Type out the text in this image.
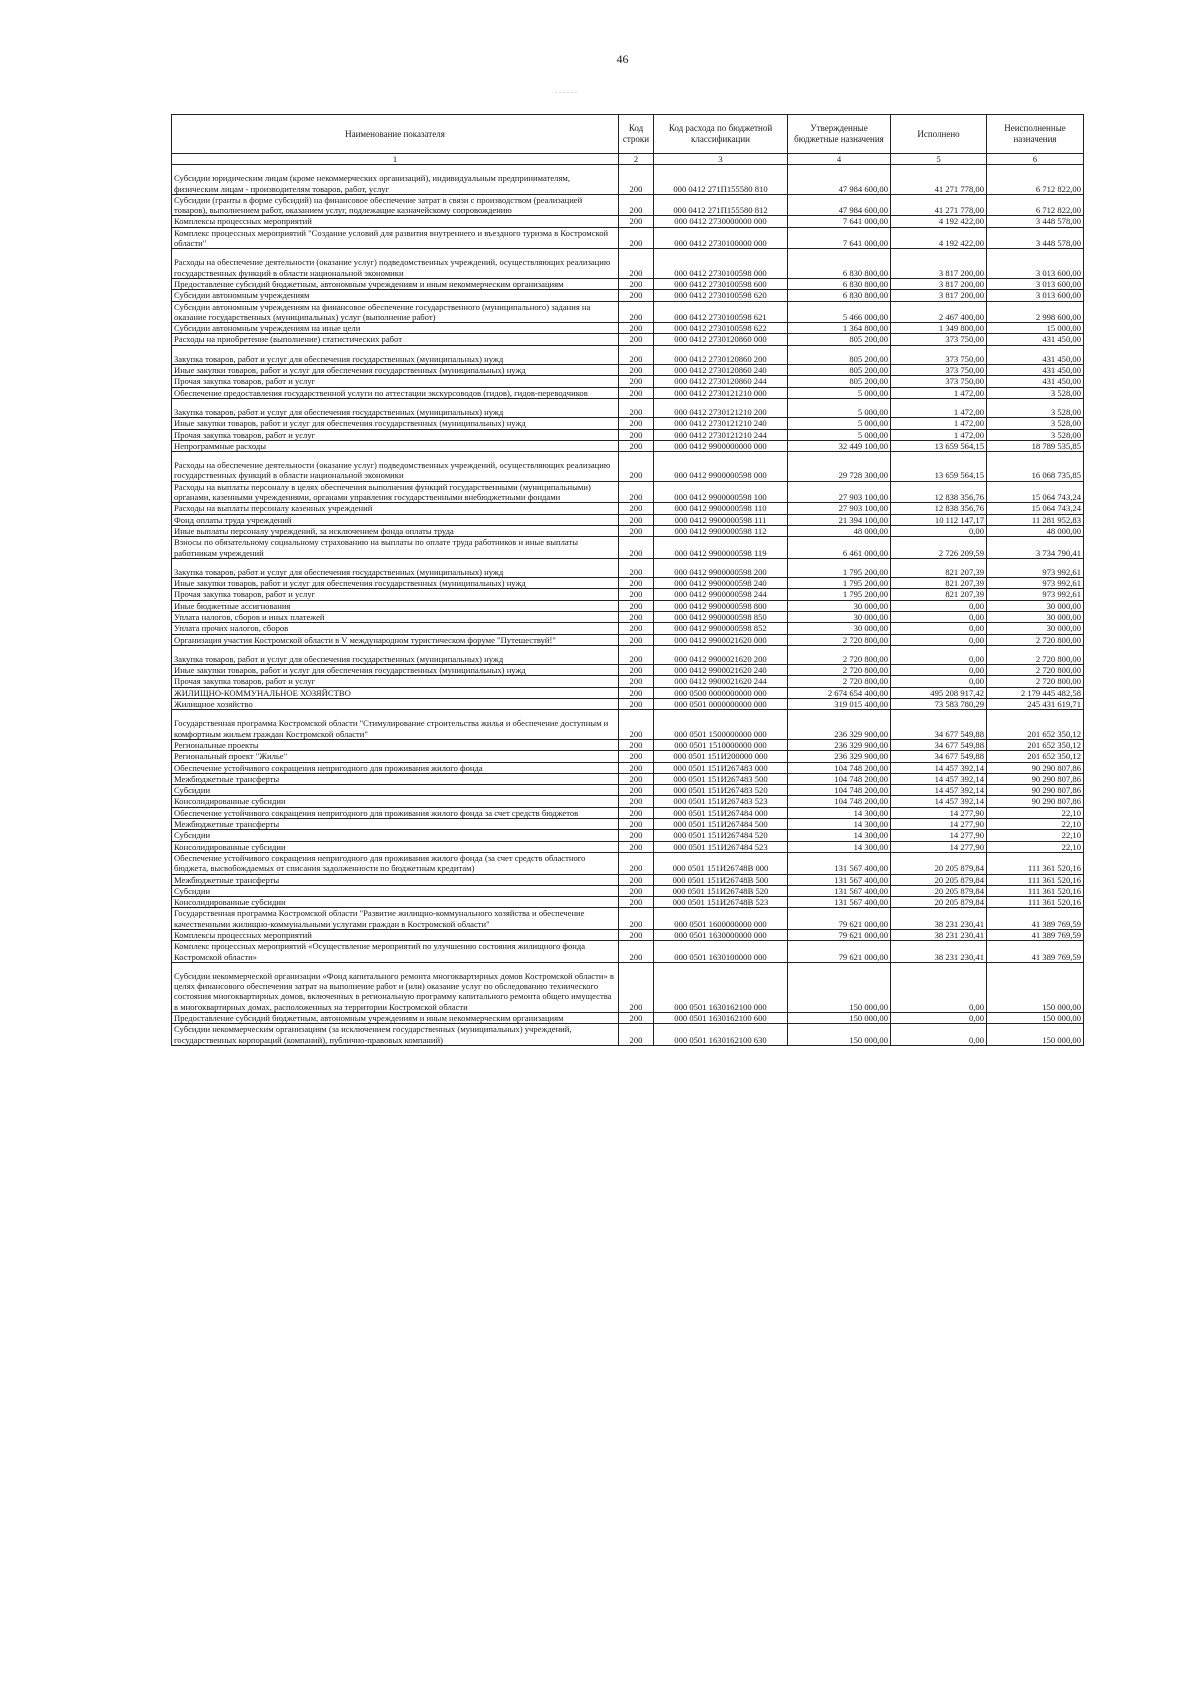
46
. . . . . .
Наименование показателя	Код строки	Код расхода по бюджетной классификации	Утвержденные бюджетные назначения	Исполнено	Неисполненные назначения
1	2	3	4	5	6
Субсидии юридическим лицам (кроме некоммерческих организаций), индивидуальным предпринимателям, физическим лицам - производителям товаров, работ, услуг	200	000 0412 271П155580 810	47 984 600,00	41 271 778,00	6 712 822,00
Субсидии (гранты в форме субсидий) на финансовое обеспечение затрат в связи с производством (реализацией товаров), выполнением работ, оказанием услуг, подлежащие казначейскому сопровождению	200	000 0412 271П155580 812	47 984 600,00	41 271 778,00	6 712 822,00
Комплексы процессных мероприятий	200	000 0412 2730000000 000	7 641 000,00	4 192 422,00	3 448 578,00
Комплекс процессных мероприятий "Создание условий для развития внутреннего и въездного туризма в Костромской области"	200	000 0412 2730100000 000	7 641 000,00	4 192 422,00	3 448 578,00
Расходы на обеспечение деятельности (оказание услуг) подведомственных учреждений, осуществляющих реализацию государственных функций в области национальной экономики	200	000 0412 2730100598 000	6 830 800,00	3 817 200,00	3 013 600,00
Предоставление субсидий бюджетным, автономным учреждениям и иным некоммерческим организациям	200	000 0412 2730100598 600	6 830 800,00	3 817 200,00	3 013 600,00
Субсидии автономным учреждениям	200	000 0412 2730100598 620	6 830 800,00	3 817 200,00	3 013 600,00
Субсидии автономным учреждениям на финансовое обеспечение государственного (муниципального) задания на оказание государственных (муниципальных) услуг (выполнение работ)	200	000 0412 2730100598 621	5 466 000,00	2 467 400,00	2 998 600,00
Субсидии автономным учреждениям на иные цели	200	000 0412 2730100598 622	1 364 800,00	1 349 800,00	15 000,00
Расходы на приобретение (выполнение) статистических работ	200	000 0412 2730120860 000	805 200,00	373 750,00	431 450,00
Закупка товаров, работ и услуг для обеспечения государственных (муниципальных) нужд	200	000 0412 2730120860 200	805 200,00	373 750,00	431 450,00
Иные закупки товаров, работ и услуг для обеспечения государственных (муниципальных) нужд	200	000 0412 2730120860 240	805 200,00	373 750,00	431 450,00
Прочая закупка товаров, работ и услуг	200	000 0412 2730120860 244	805 200,00	373 750,00	431 450,00
Обеспечение предоставления государственной услуги по аттестации экскурсоводов (гидов), гидов-переводчиков	200	000 0412 2730121210 000	5 000,00	1 472,00	3 528,00
Закупка товаров, работ и услуг для обеспечения государственных (муниципальных) нужд	200	000 0412 2730121210 200	5 000,00	1 472,00	3 528,00
Иные закупки товаров, работ и услуг для обеспечения государственных (муниципальных) нужд	200	000 0412 2730121210 240	5 000,00	1 472,00	3 528,00
Прочая закупка товаров, работ и услуг	200	000 0412 2730121210 244	5 000,00	1 472,00	3 528,00
Непрограммные расходы	200	000 0412 9900000000 000	32 449 100,00	13 659 564,15	18 789 535,85
Расходы на обеспечение деятельности (оказание услуг) подведомственных учреждений, осуществляющих реализацию государственных функций в области национальной экономики	200	000 0412 9900000598 000	29 728 300,00	13 659 564,15	16 068 735,85
Расходы на выплаты персоналу в целях обеспечения выполнения функций государственными (муниципальными) органами, казенными учреждениями, органами управления государственными внебюджетными фондами	200	000 0412 9900000598 100	27 903 100,00	12 838 356,76	15 064 743,24
Расходы на выплаты персоналу казенных учреждений	200	000 0412 9900000598 110	27 903 100,00	12 838 356,76	15 064 743,24
Фонд оплаты труда учреждений	200	000 0412 9900000598 111	21 394 100,00	10 112 147,17	11 281 952,83
Иные выплаты персоналу учреждений, за исключением фонда оплаты труда	200	000 0412 9900000598 112	48 000,00	0,00	48 000,00
Взносы по обязательному социальному страхованию на выплаты по оплате труда работников и иные выплаты работникам учреждений	200	000 0412 9900000598 119	6 461 000,00	2 726 209,59	3 734 790,41
Закупка товаров, работ и услуг для обеспечения государственных (муниципальных) нужд	200	000 0412 9900000598 200	1 795 200,00	821 207,39	973 992,61
Иные закупки товаров, работ и услуг для обеспечения государственных (муниципальных) нужд	200	000 0412 9900000598 240	1 795 200,00	821 207,39	973 992,61
Прочая закупка товаров, работ и услуг	200	000 0412 9900000598 244	1 795 200,00	821 207,39	973 992,61
Иные бюджетные ассигнования	200	000 0412 9900000598 800	30 000,00	0,00	30 000,00
Уплата налогов, сборов и иных платежей	200	000 0412 9900000598 850	30 000,00	0,00	30 000,00
Уплата прочих налогов, сборов	200	000 0412 9900000598 852	30 000,00	0,00	30 000,00
Организация участия Костромской области в V международном туристическом форуме "Путешествуй!"	200	000 0412 9900021620 000	2 720 800,00	0,00	2 720 800,00
Закупка товаров, работ и услуг для обеспечения государственных (муниципальных) нужд	200	000 0412 9900021620 200	2 720 800,00	0,00	2 720 800,00
Иные закупки товаров, работ и услуг для обеспечения государственных (муниципальных) нужд	200	000 0412 9900021620 240	2 720 800,00	0,00	2 720 800,00
Прочая закупка товаров, работ и услуг	200	000 0412 9900021620 244	2 720 800,00	0,00	2 720 800,00
ЖИЛИЩНО-КОММУНАЛЬНОЕ ХОЗЯЙСТВО	200	000 0500 0000000000 000	2 674 654 400,00	495 208 917,42	2 179 445 482,58
Жилищное хозяйство	200	000 0501 0000000000 000	319 015 400,00	73 583 780,29	245 431 619,71
Государственная программа Костромской области "Стимулирование строительства жилья и обеспечение доступным и комфортным жильем граждан Костромской области"	200	000 0501 1500000000 000	236 329 900,00	34 677 549,88	201 652 350,12
Региональные проекты	200	000 0501 1510000000 000	236 329 900,00	34 677 549,88	201 652 350,12
Региональный проект "Жилье"	200	000 0501 151И200000 000	236 329 900,00	34 677 549,88	201 652 350,12
Обеспечение устойчивого сокращения непригодного для проживания жилого фонда	200	000 0501 151И267483 000	104 748 200,00	14 457 392,14	90 290 807,86
Межбюджетные трансферты	200	000 0501 151И267483 500	104 748 200,00	14 457 392,14	90 290 807,86
Субсидии	200	000 0501 151И267483 520	104 748 200,00	14 457 392,14	90 290 807,86
Консолидированные субсидии	200	000 0501 151И267483 523	104 748 200,00	14 457 392,14	90 290 807,86
Обеспечение устойчивого сокращения непригодного для проживания жилого фонда за счет средств бюджетов	200	000 0501 151И267484 000	14 300,00	14 277,90	22,10
Межбюджетные трансферты	200	000 0501 151И267484 500	14 300,00	14 277,90	22,10
Субсидии	200	000 0501 151И267484 520	14 300,00	14 277,90	22,10
Консолидированные субсидии	200	000 0501 151И267484 523	14 300,00	14 277,90	22,10
Обеспечение устойчивого сокращения непригодного для проживания жилого фонда (за счет средств областного бюджета, высвобождаемых от списания задолженности по бюджетным кредитам)	200	000 0501 151И26748В 000	131 567 400,00	20 205 879,84	111 361 520,16
Межбюджетные трансферты	200	000 0501 151И26748В 500	131 567 400,00	20 205 879,84	111 361 520,16
Субсидии	200	000 0501 151И26748В 520	131 567 400,00	20 205 879,84	111 361 520,16
Консолидированные субсидии	200	000 0501 151И26748В 523	131 567 400,00	20 205 879,84	111 361 520,16
Государственная программа Костромской области "Развитие жилищно-коммунального хозяйства и обеспечение качественными жилищно-коммунальными услугами граждан в Костромской области"	200	000 0501 1600000000 000	79 621 000,00	38 231 230,41	41 389 769,59
Комплексы процессных мероприятий	200	000 0501 1630000000 000	79 621 000,00	38 231 230,41	41 389 769,59
Комплекс процессных мероприятий «Осуществление мероприятий по улучшению состояния жилищного фонда Костромской области»	200	000 0501 1630100000 000	79 621 000,00	38 231 230,41	41 389 769,59
Субсидии некоммерческой организации «Фонд капитального ремонта многоквартирных домов Костромской области» в целях финансового обеспечения затрат на выполнение работ и (или) оказание услуг по обследованию технического состояния многоквартирных домов, включенных в региональную программу капитального ремонта общего имущества в многоквартирных домах, расположенных на территории Костромской области	200	000 0501 1630162100 000	150 000,00	0,00	150 000,00
Предоставление субсидий бюджетным, автономным учреждениям и иным некоммерческим организациям	200	000 0501 1630162100 600	150 000,00	0,00	150 000,00
Субсидии некоммерческим организациям (за исключением государственных (муниципальных) учреждений, государственных корпораций (компаний), публично-правовых компаний)	200	000 0501 1630162100 630	150 000,00	0,00	150 000,00
